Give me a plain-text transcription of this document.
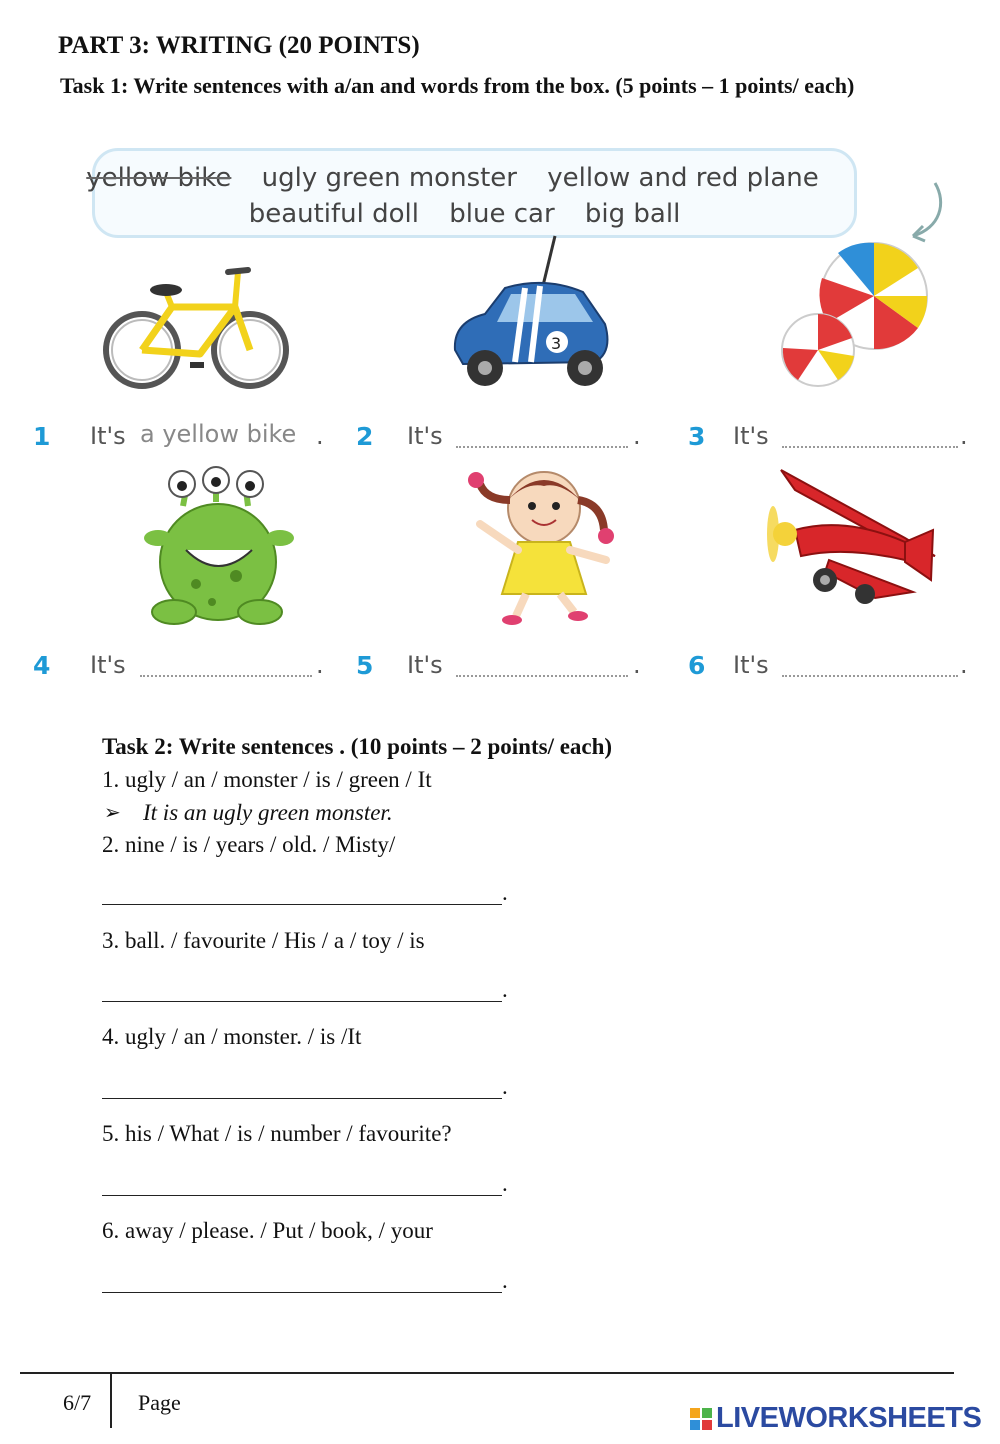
PART 3: WRITING (20 POINTS)
Task 1: Write sentences with a/an and words from the box. (5 points – 1 points/ each)
yellow bike ugly green monster yellow and red plane
beautiful doll blue car big ball
3
1 It's a yellow bike . 2 It's	. 3 It's	.
4 It's	. 5 It's	. 6 It's	.
Task 2: Write sentences . (10 points – 2 points/ each)
1. ugly / an / monster / is / green / It
➢ It is an ugly green monster.
2. nine / is / years / old. / Misty/
.
3. ball. / favourite / His / a / toy / is
.
4. ugly / an / monster. / is /It
.
5. his / What / is / number / favourite?
.
6. away / please. / Put / book, / your
.
6/7 Page	LIVEWORKSHEETS
